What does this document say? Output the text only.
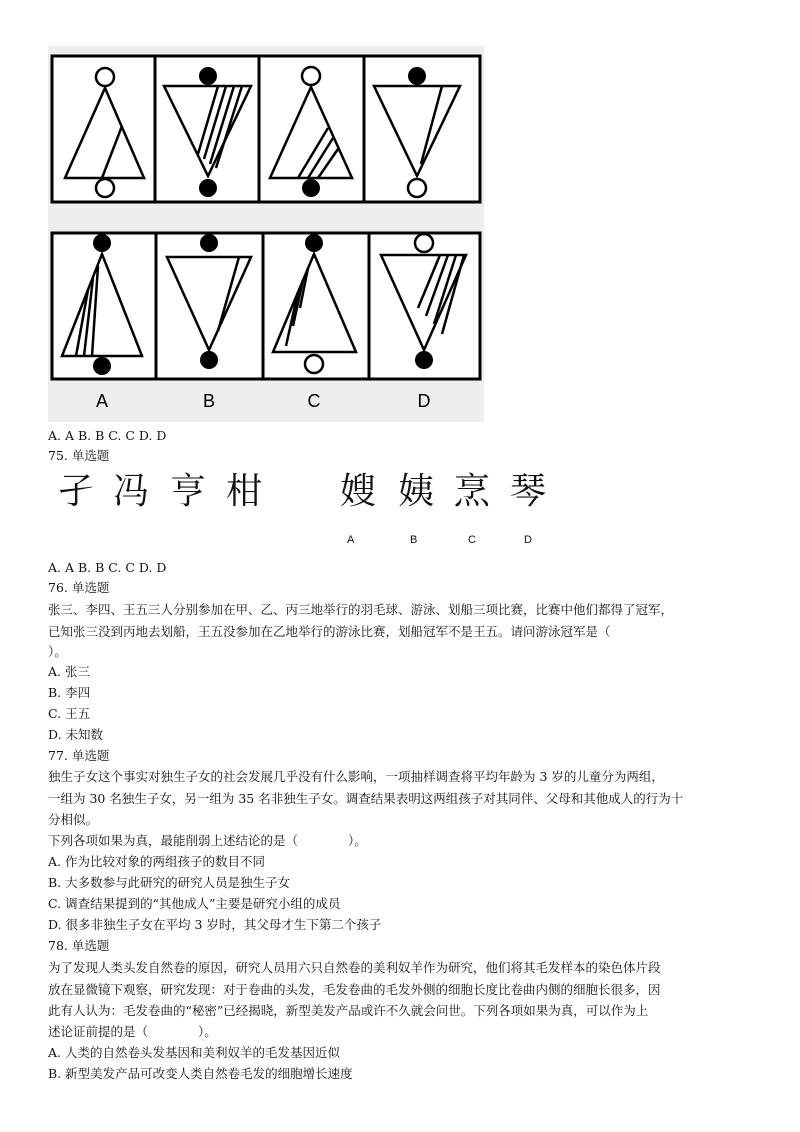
A	B	C	D
A. A B. B C. C D. D
75. 单选题
孑 冯 亨 柑 嫂 姨 烹 琴
A	B	C	D
A. A B. B C. C D. D
76. 单选题
张三、李四、王五三人分别参加在甲、乙、丙三地举行的羽毛球、游泳、划船三项比赛，比赛中他们都得了冠军，
已知张三没到丙地去划船，王五没参加在乙地举行的游泳比赛，划船冠军不是王五。请问游泳冠军是（
）。
A. 张三
B. 李四
C. 王五
D. 未知数
77. 单选题
独生子女这个事实对独生子女的社会发展几乎没有什么影响，一项抽样调查将平均年龄为 3 岁的儿童分为两组，
一组为 30 名独生子女，另一组为 35 名非独生子女。调查结果表明这两组孩子对其同伴、父母和其他成人的行为十
分相似。
下列各项如果为真，最能削弱上述结论的是（　　　　）。
A. 作为比较对象的两组孩子的数目不同
B. 大多数参与此研究的研究人员是独生子女
C. 调查结果提到的“其他成人”主要是研究小组的成员
D. 很多非独生子女在平均 3 岁时，其父母才生下第二个孩子
78. 单选题
为了发现人类头发自然卷的原因，研究人员用六只自然卷的美利奴羊作为研究，他们将其毛发样本的染色体片段
放在显微镜下观察，研究发现：对于卷曲的头发，毛发卷曲的毛发外侧的细胞长度比卷曲内侧的细胞长很多，因
此有人认为：毛发卷曲的“秘密”已经揭晓，新型美发产品或许不久就会问世。下列各项如果为真，可以作为上
述论证前提的是（　　　　）。
A. 人类的自然卷头发基因和美利奴羊的毛发基因近似
B. 新型美发产品可改变人类自然卷毛发的细胞增长速度
